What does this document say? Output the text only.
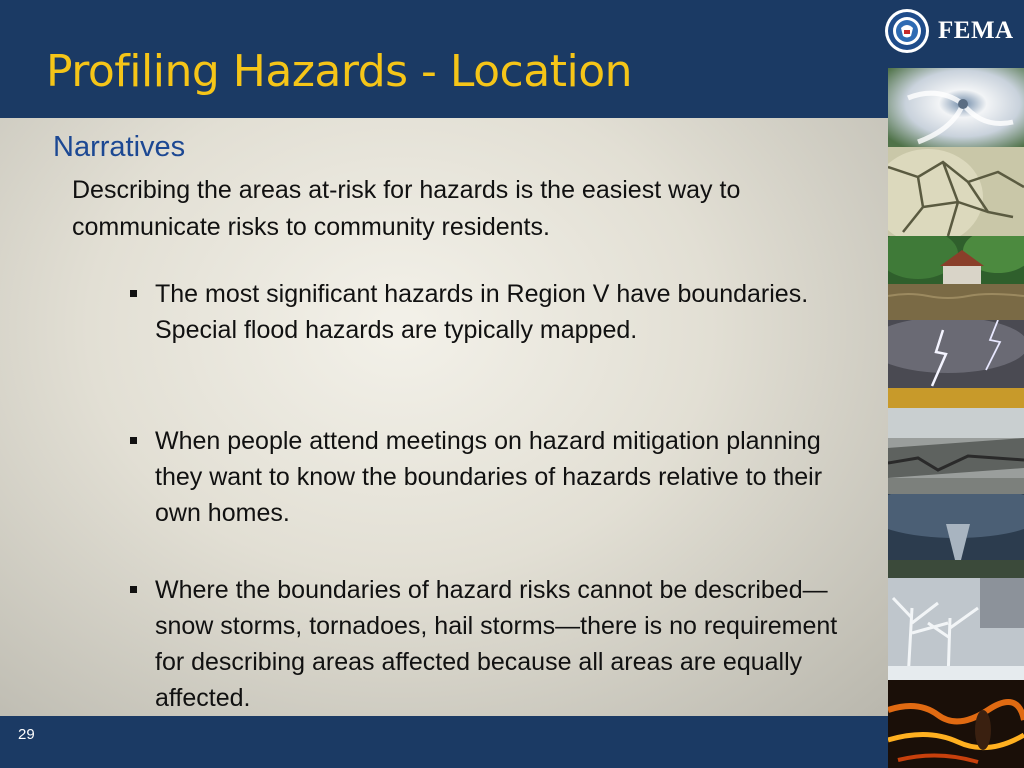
Profiling Hazards - Location
FEMA
Narratives

Describing the areas at-risk for hazards is the easiest way to communicate risks to community residents.

The most significant hazards in Region V have boundaries. Special flood hazards are typically mapped.
When people attend meetings on hazard mitigation planning they want to know the boundaries of hazards relative to their own homes.
Where the boundaries of hazard risks cannot be described—snow storms, tornadoes, hail storms—there is no requirement for describing areas affected because all areas are equally affected.
29
